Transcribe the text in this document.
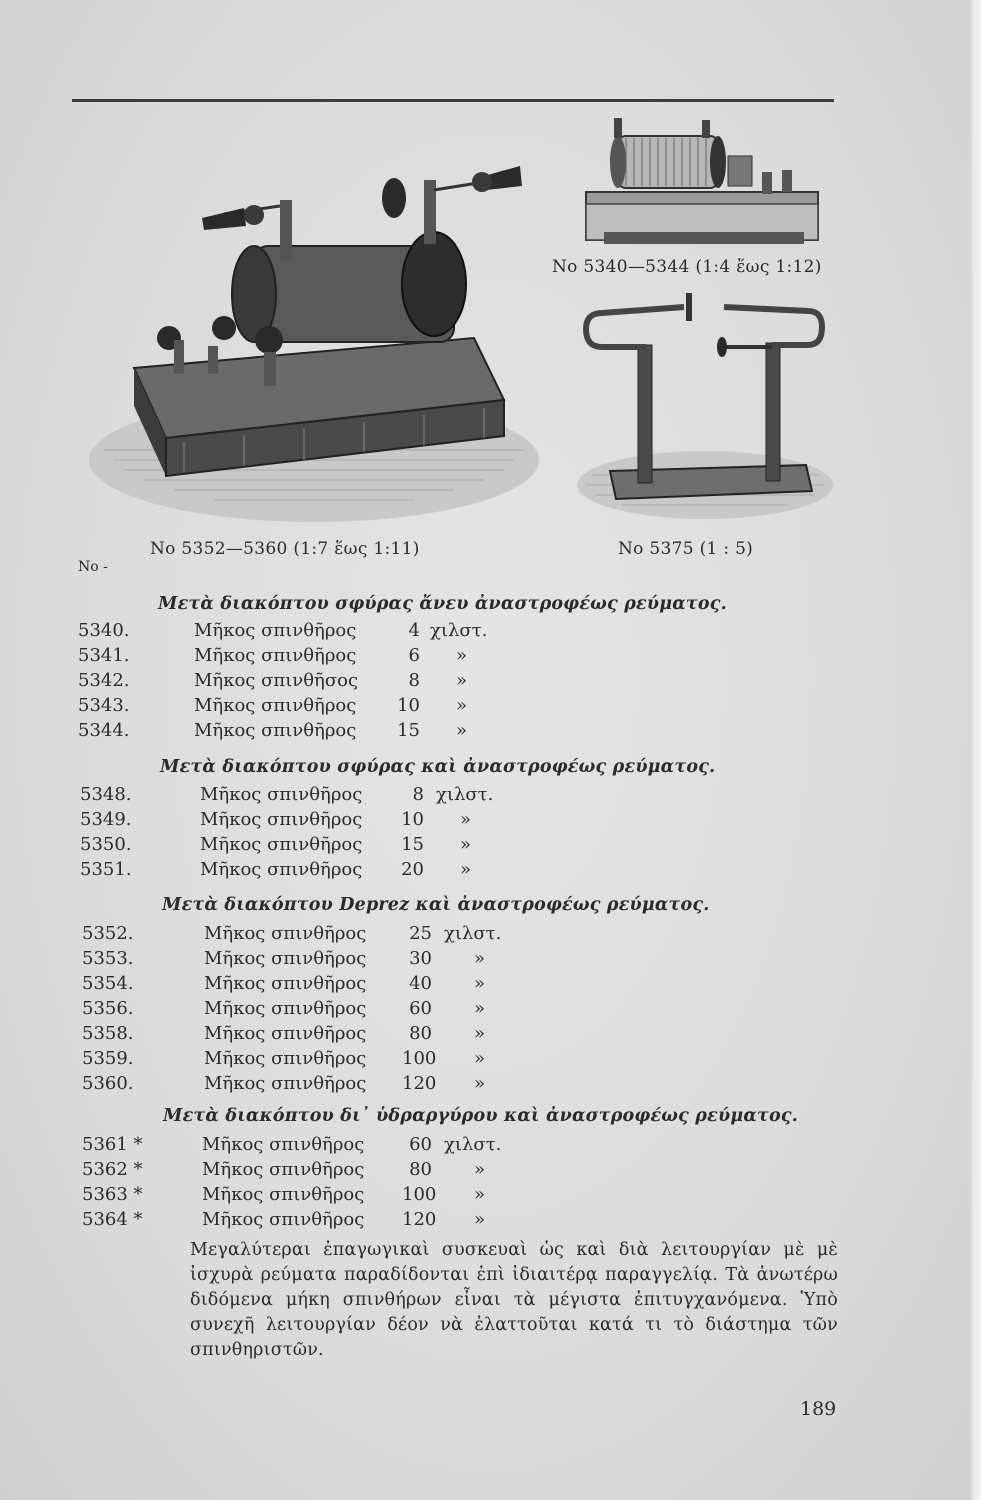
No 5340—5344 (1:4 ἕως 1:12)
No 5352—5360 (1:7 ἕως 1:11)
No -
No 5375 (1 : 5)
Μετὰ διακόπτου σφύρας ἄνευ ἀναστροφέως ρεύματος.
5340.	Μῆκος σπινθῆρος	4 χιλστ.
5341.	Μῆκος σπινθῆρος	6 »
5342.	Μῆκος σπινθῆσος	8 »
5343.	Μῆκος σπινθῆρος	10 »
5344.	Μῆκος σπινθῆρος	15 »
Μετὰ διακόπτου σφύρας καὶ ἀναστροφέως ρεύματος.
5348.	Μῆκος σπινθῆρος	8 χιλστ.
5349.	Μῆκος σπινθῆρος	10 »
5350.	Μῆκος σπινθῆρος	15 »
5351.	Μῆκος σπινθῆρος	20 »
Μετὰ διακόπτου Deprez καὶ ἀναστροφέως ρεύματος.
5352.	Μῆκος σπινθῆρος	25 χιλστ.
5353.	Μῆκος σπινθῆρος	30 »
5354.	Μῆκος σπινθῆρος	40 »
5356.	Μῆκος σπινθῆρος	60 »
5358.	Μῆκος σπινθῆρος	80 »
5359.	Μῆκος σπινθῆρος 100 »
5360.	Μῆκος σπινθῆρος 120 »
Μετὰ διακόπτου δι᾿ ὑδραργύρου καὶ ἀναστροφέως ρεύματος.
5361 *	Μῆκος σπινθῆρος	60 χιλστ.
5362 *	Μῆκος σπινθῆρος	80 »
5363 *	Μῆκος σπινθῆρος 100 »
5364 *	Μῆκος σπινθῆρος 120 »
Μεγαλύτεραι ἐπαγωγικαὶ συσκευαὶ ὡς καὶ διὰ λειτουργίαν μὲ μὲ ἰσχυρὰ ρεύματα παραδίδονται ἐπὶ ἰδιαιτέρᾳ παραγγελίᾳ. Τὰ ἀνωτέρω διδόμενα μήκη σπινθήρων εἶναι τὰ μέγιστα ἐπιτυγχανόμενα. Ὑπὸ συνεχῆ λειτουργίαν δέον νὰ ἐλαττοῦται κατά τι τὸ διάστημα τῶν σπινθηριστῶν.
189
